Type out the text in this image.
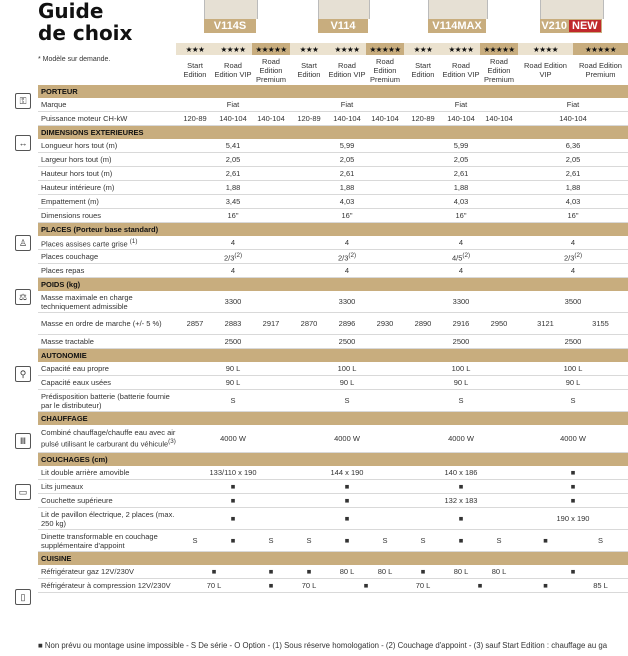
Guide
de choix	V114S	V114	V114MAX	V210 NEW
* Modèle sur demande.
⚿
↔
♙
⚖
⚲
Ⅲ
▭
▯
	★★★	★★★★	★★★★★	★★★	★★★★	★★★★★	★★★	★★★★	★★★★★	★★★★	★★★★★
	Start Edition	Road Edition VIP	Road Edition Premium	Start Edition	Road Edition VIP	Road Edition Premium	Start Edition	Road Edition VIP	Road Edition Premium	Road Edition VIP	Road Edition Premium
PORTEUR											
Marque	Fiat			Fiat			Fiat			Fiat	
Puissance moteur CH-kW	120-89	140-104	140-104	120-89	140-104	140-104	120-89	140-104	140-104	140-104	
DIMENSIONS EXTERIEURES											
Longueur hors tout (m)	5,41			5,99			5,99			6,36	
Largeur hors tout (m)	2,05			2,05			2,05			2,05	
Hauteur hors tout (m)	2,61			2,61			2,61			2,61	
Hauteur intérieure (m)	1,88			1,88			1,88			1,88	
Empattement (m)	3,45			4,03			4,03			4,03	
Dimensions roues	16"			16"			16"			16"	
PLACES (Porteur base standard)											
Places assises carte grise $^{(1)}$	4			4			4			4	
Places couchage	2/3$^{(2)}$			2/3$^{(2)}$			4/5$^{(2)}$			2/3$^{(2)}$
Places repas	4			4			4			4	
POIDS (kg)											
Masse maximale en charge techniquement admissible	3300			3300			3300			3500	
Masse en ordre de marche (+/- 5 %)	2857	2883	2917	2870	2896	2930	2890	2916	2950	3121	3155
Masse tractable	2500			2500			2500			2500	
AUTONOMIE											
Capacité eau propre	90 L			100 L			100 L			100 L	
Capacité eaux usées	90 L			90 L			90 L			90 L	
Prédisposition batterie (batterie fournie par le distributeur)	S			S			S			S	
CHAUFFAGE											
Combiné chauffage/chauffe eau avec air pulsé utilisant le carburant du véhicule$^{(3)}$	4000 W			4000 W			4000 W			4000 W	
COUCHAGES (cm)											
Lit double arrière amovible	133/110 x 190			144 x 190			140 x 186			■	
Lits jumeaux	■			■			■			■	
Couchette supérieure	■			■			132 x 183			■	
Lit de pavillon électrique, 2 places (max. 250 kg)	■			■			■			190 x 190	
Dinette transformable en couchage supplémentaire d'appoint	S	■	S	S	■	S	S	■	S	■	S
CUISINE											
Réfrigérateur gaz 12V/230V	■		■	■	80 L	80 L	■	80 L	80 L	■	
Réfrigérateur à compression 12V/230V	70 L		■	70 L	■		70 L	■		■	85 L
■ Non prévu ou montage usine impossible - S De série - O Option - (1) Sous réserve homologation - (2) Couchage d'appoint - (3) sauf Start Edition : chauffage au ga
